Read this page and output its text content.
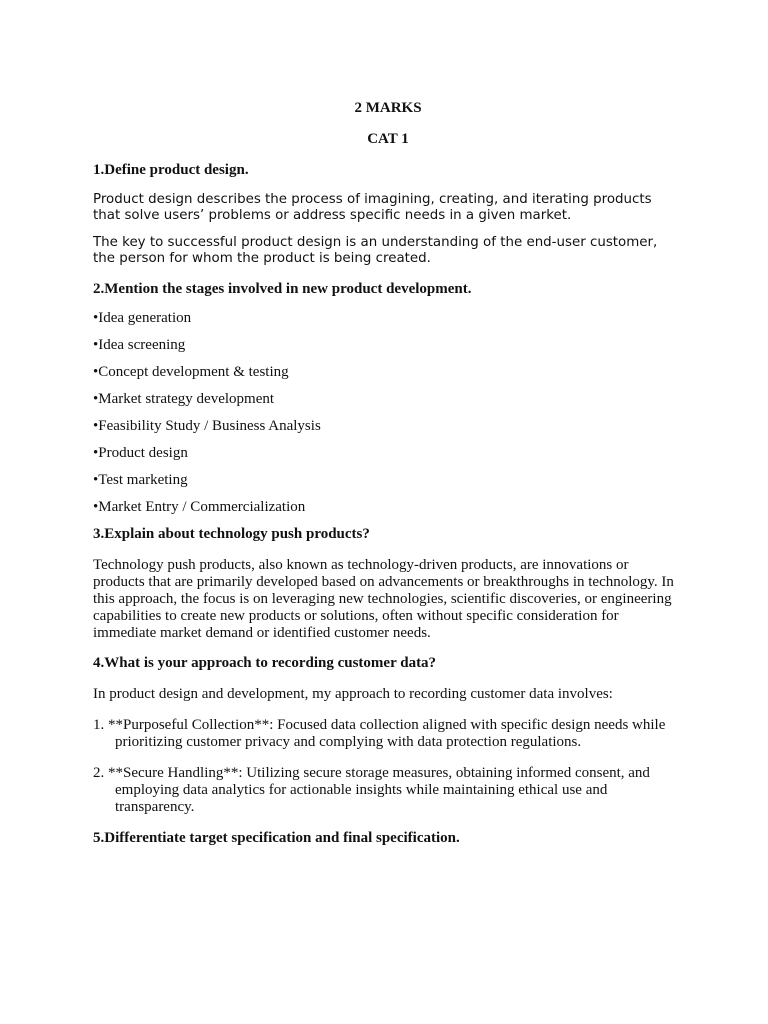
2 MARKS
CAT 1
1.Define product design.

Product design describes the process of imagining, creating, and iterating products that solve users’ problems or address specific needs in a given market.

The key to successful product design is an understanding of the end-user customer, the person for whom the product is being created.

2.Mention the stages involved in new product development.
•Idea generation
•Idea screening
•Concept development & testing
•Market strategy development
•Feasibility Study / Business Analysis
•Product design
•Test marketing
•Market Entry / Commercialization
3.Explain about technology push products?

Technology push products, also known as technology-driven products, are innovations or products that are primarily developed based on advancements or breakthroughs in technology. In this approach, the focus is on leveraging new technologies, scientific discoveries, or engineering capabilities to create new products or solutions, often without specific consideration for immediate market demand or identified customer needs.

4.What is your approach to recording customer data?

In product design and development, my approach to recording customer data involves:

1. **Purposeful Collection**: Focused data collection aligned with specific design needs while prioritizing customer privacy and complying with data protection regulations.
2. **Secure Handling**: Utilizing secure storage measures, obtaining informed consent, and employing data analytics for actionable insights while maintaining ethical use and transparency.
5.Differentiate target specification and final specification.
